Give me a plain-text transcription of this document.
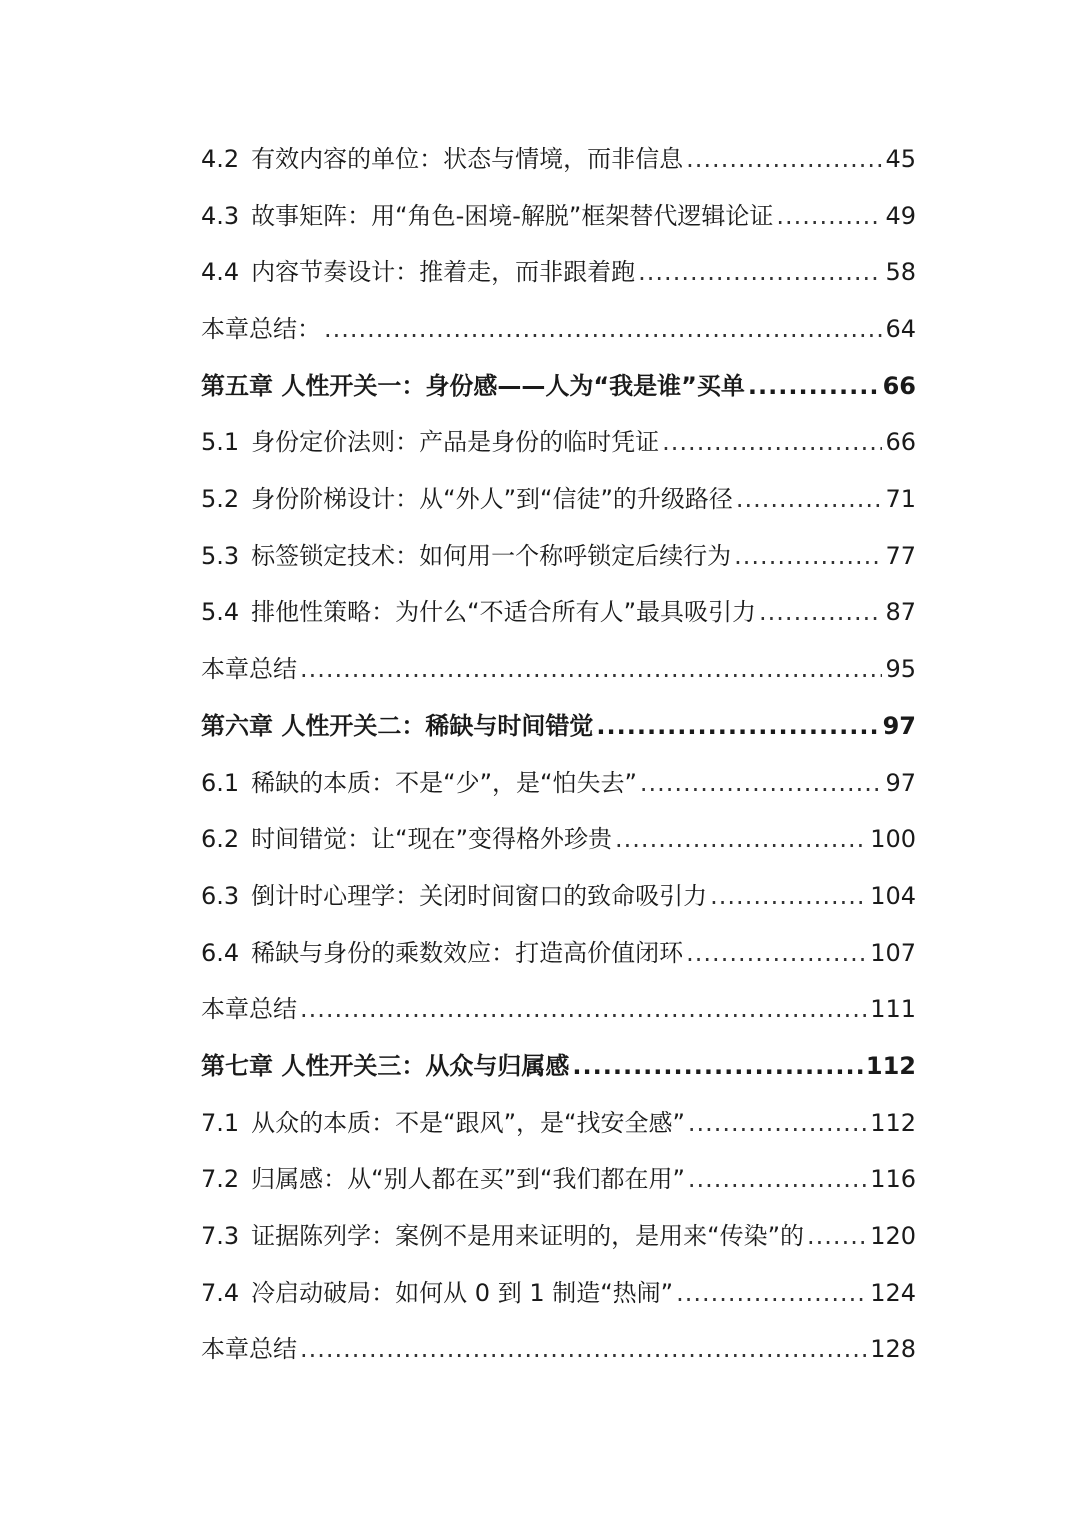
4.2 有效内容的单位：状态与情境，而非信息 .....	45
4.3 故事矩阵：用“角色-困境-解脱”框架替代逻辑论证 .....	49
4.4 内容节奏设计：推着走，而非跟着跑 .....	58
本章总结： .....	64
第五章 人性开关一：身份感——人为“我是谁”买单 .....	66
5.1 身份定价法则：产品是身份的临时凭证 .....	66
5.2 身份阶梯设计：从“外人”到“信徒”的升级路径 .....	71
5.3 标签锁定技术：如何用一个称呼锁定后续行为 .....	77
5.4 排他性策略：为什么“不适合所有人”最具吸引力 .....	87
本章总结 .....	95
第六章 人性开关二：稀缺与时间错觉 .....	97
6.1 稀缺的本质：不是“少”，是“怕失去” .....	97
6.2 时间错觉：让“现在”变得格外珍贵 .....	100
6.3 倒计时心理学：关闭时间窗口的致命吸引力 .....	104
6.4 稀缺与身份的乘数效应：打造高价值闭环 .....	107
本章总结 .....	111
第七章 人性开关三：从众与归属感 .....	112
7.1 从众的本质：不是“跟风”，是“找安全感” .....	112
7.2 归属感：从“别人都在买”到“我们都在用” .....	116
7.3 证据陈列学：案例不是用来证明的，是用来“传染”的 .....	120
7.4 冷启动破局：如何从 0 到 1 制造“热闹” .....	124
本章总结 .....	128
